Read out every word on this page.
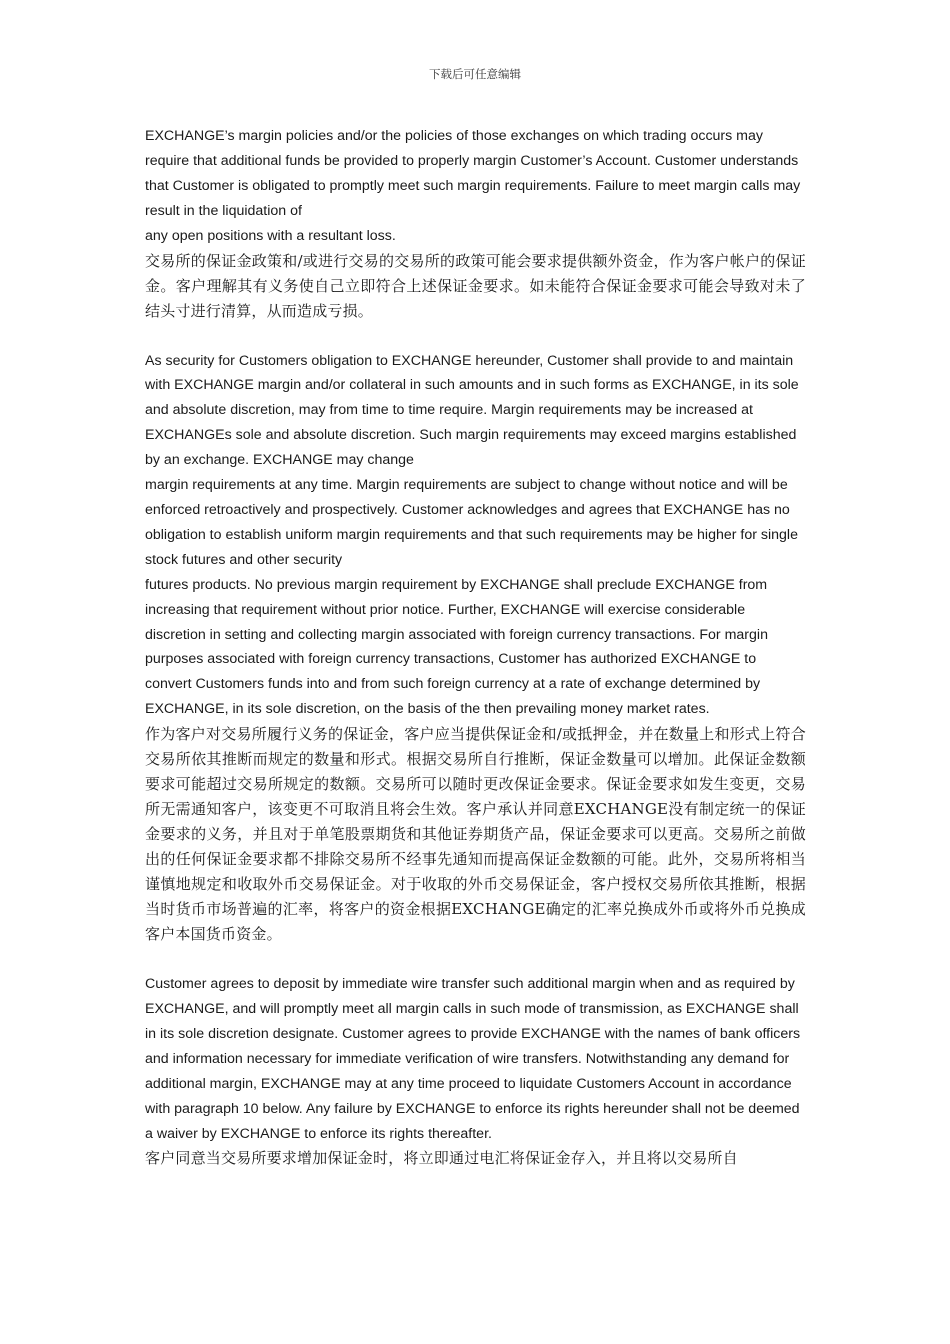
下载后可任意编辑

EXCHANGE’s margin policies and/or the policies of those exchanges on which trading occurs may require that additional funds be provided to properly margin Customer’s Account. Customer understands that Customer is obligated to promptly meet such margin requirements. Failure to meet margin calls may result in the liquidation of

any open positions with a resultant loss.

交易所的保证金政策和/或进行交易的交易所的政策可能会要求提供额外资金，作为客户帐户的保证金。客户理解其有义务使自己立即符合上述保证金要求。如未能符合保证金要求可能会导致对未了结头寸进行清算，从而造成亏损。

As security for Customers obligation to EXCHANGE hereunder, Customer shall provide to and maintain with EXCHANGE margin and/or collateral in such amounts and in such forms as EXCHANGE, in its sole and absolute discretion, may from time to time require. Margin requirements may be increased at EXCHANGEs sole and absolute discretion. Such margin requirements may exceed margins established by an exchange. EXCHANGE may change

margin requirements at any time. Margin requirements are subject to change without notice and will be enforced retroactively and prospectively. Customer acknowledges and agrees that EXCHANGE has no obligation to establish uniform margin requirements and that such requirements may be higher for single stock futures and other security

futures products. No previous margin requirement by EXCHANGE shall preclude EXCHANGE from increasing that requirement without prior notice. Further, EXCHANGE will exercise considerable discretion in setting and collecting margin associated with foreign currency transactions. For margin purposes associated with foreign currency transactions, Customer has authorized EXCHANGE to convert Customers funds into and from such foreign currency at a rate of exchange determined by EXCHANGE, in its sole discretion, on the basis of the then prevailing money market rates.

作为客户对交易所履行义务的保证金，客户应当提供保证金和/或抵押金，并在数量上和形式上符合交易所依其推断而规定的数量和形式。根据交易所自行推断，保证金数量可以增加。此保证金数额要求可能超过交易所规定的数额。交易所可以随时更改保证金要求。保证金要求如发生变更，交易所无需通知客户，该变更不可取消且将会生效。客户承认并同意EXCHANGE没有制定统一的保证金要求的义务，并且对于单笔股票期货和其他证券期货产品，保证金要求可以更高。交易所之前做出的任何保证金要求都不排除交易所不经事先通知而提高保证金数额的可能。此外，交易所将相当谨慎地规定和收取外币交易保证金。对于收取的外币交易保证金，客户授权交易所依其推断，根据当时货币市场普遍的汇率，将客户的资金根据EXCHANGE确定的汇率兑换成外币或将外币兑换成客户本国货币资金。

Customer agrees to deposit by immediate wire transfer such additional margin when and as required by EXCHANGE, and will promptly meet all margin calls in such mode of transmission, as EXCHANGE shall in its sole discretion designate. Customer agrees to provide EXCHANGE with the names of bank officers and information necessary for immediate verification of wire transfers. Notwithstanding any demand for additional margin, EXCHANGE may at any time proceed to liquidate Customers Account in accordance with paragraph 10 below. Any failure by EXCHANGE to enforce its rights hereunder shall not be deemed a waiver by EXCHANGE to enforce its rights thereafter.

客户同意当交易所要求增加保证金时，将立即通过电汇将保证金存入，并且将以交易所自
